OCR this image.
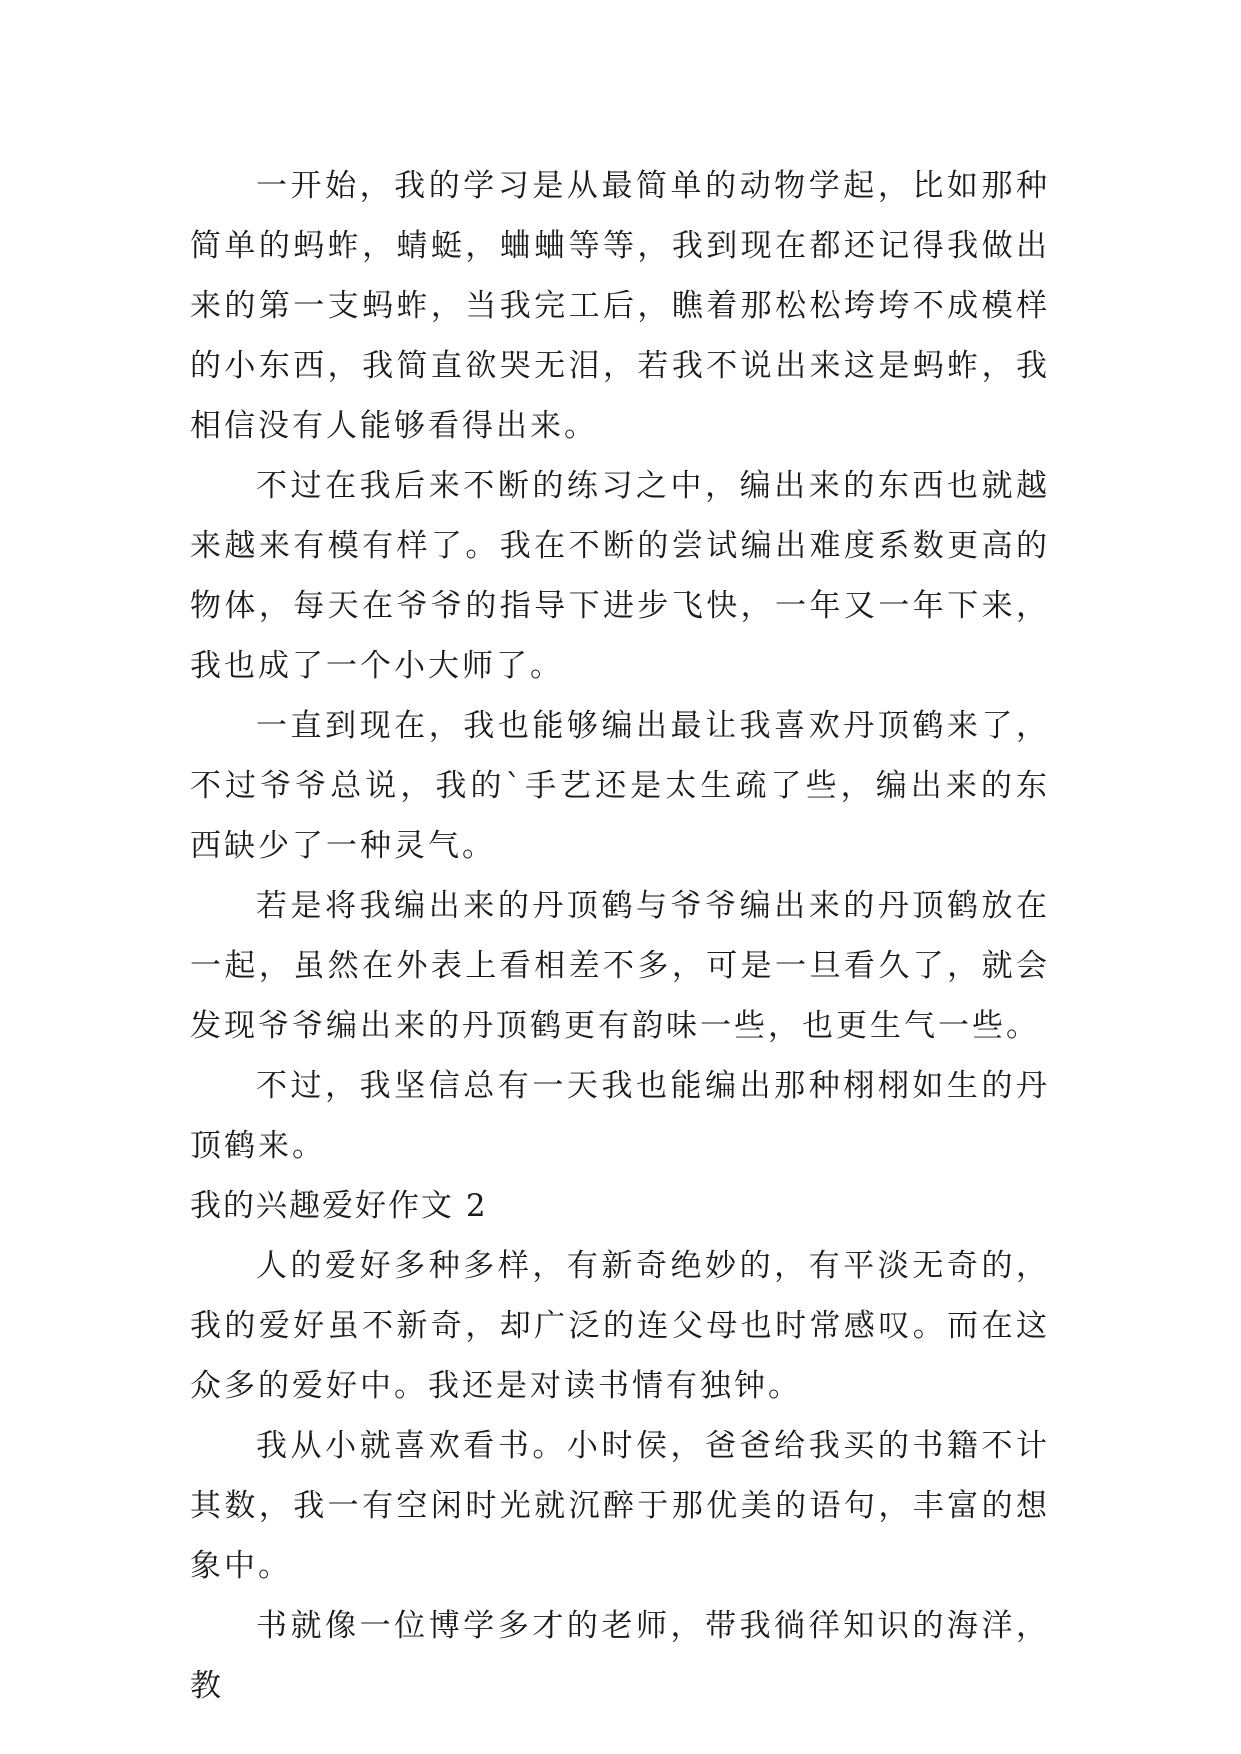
一开始，我的学习是从最简单的动物学起，比如那种简单的蚂蚱，蜻蜓，蛐蛐等等，我到现在都还记得我做出来的第一支蚂蚱，当我完工后，瞧着那松松垮垮不成模样的小东西，我简直欲哭无泪，若我不说出来这是蚂蚱，我相信没有人能够看得出来。

不过在我后来不断的练习之中，编出来的东西也就越来越来有模有样了。我在不断的尝试编出难度系数更高的物体，每天在爷爷的指导下进步飞快，一年又一年下来，我也成了一个小大师了。

一直到现在，我也能够编出最让我喜欢丹顶鹤来了，不过爷爷总说，我的`手艺还是太生疏了些，编出来的东西缺少了一种灵气。

若是将我编出来的丹顶鹤与爷爷编出来的丹顶鹤放在一起，虽然在外表上看相差不多，可是一旦看久了，就会发现爷爷编出来的丹顶鹤更有韵味一些，也更生气一些。

不过，我坚信总有一天我也能编出那种栩栩如生的丹顶鹤来。

我的兴趣爱好作文 2

人的爱好多种多样，有新奇绝妙的，有平淡无奇的，我的爱好虽不新奇，却广泛的连父母也时常感叹。而在这众多的爱好中。我还是对读书情有独钟。

我从小就喜欢看书。小时侯，爸爸给我买的书籍不计其数，我一有空闲时光就沉醉于那优美的语句，丰富的想象中。

书就像一位博学多才的老师，带我徜徉知识的海洋，教
